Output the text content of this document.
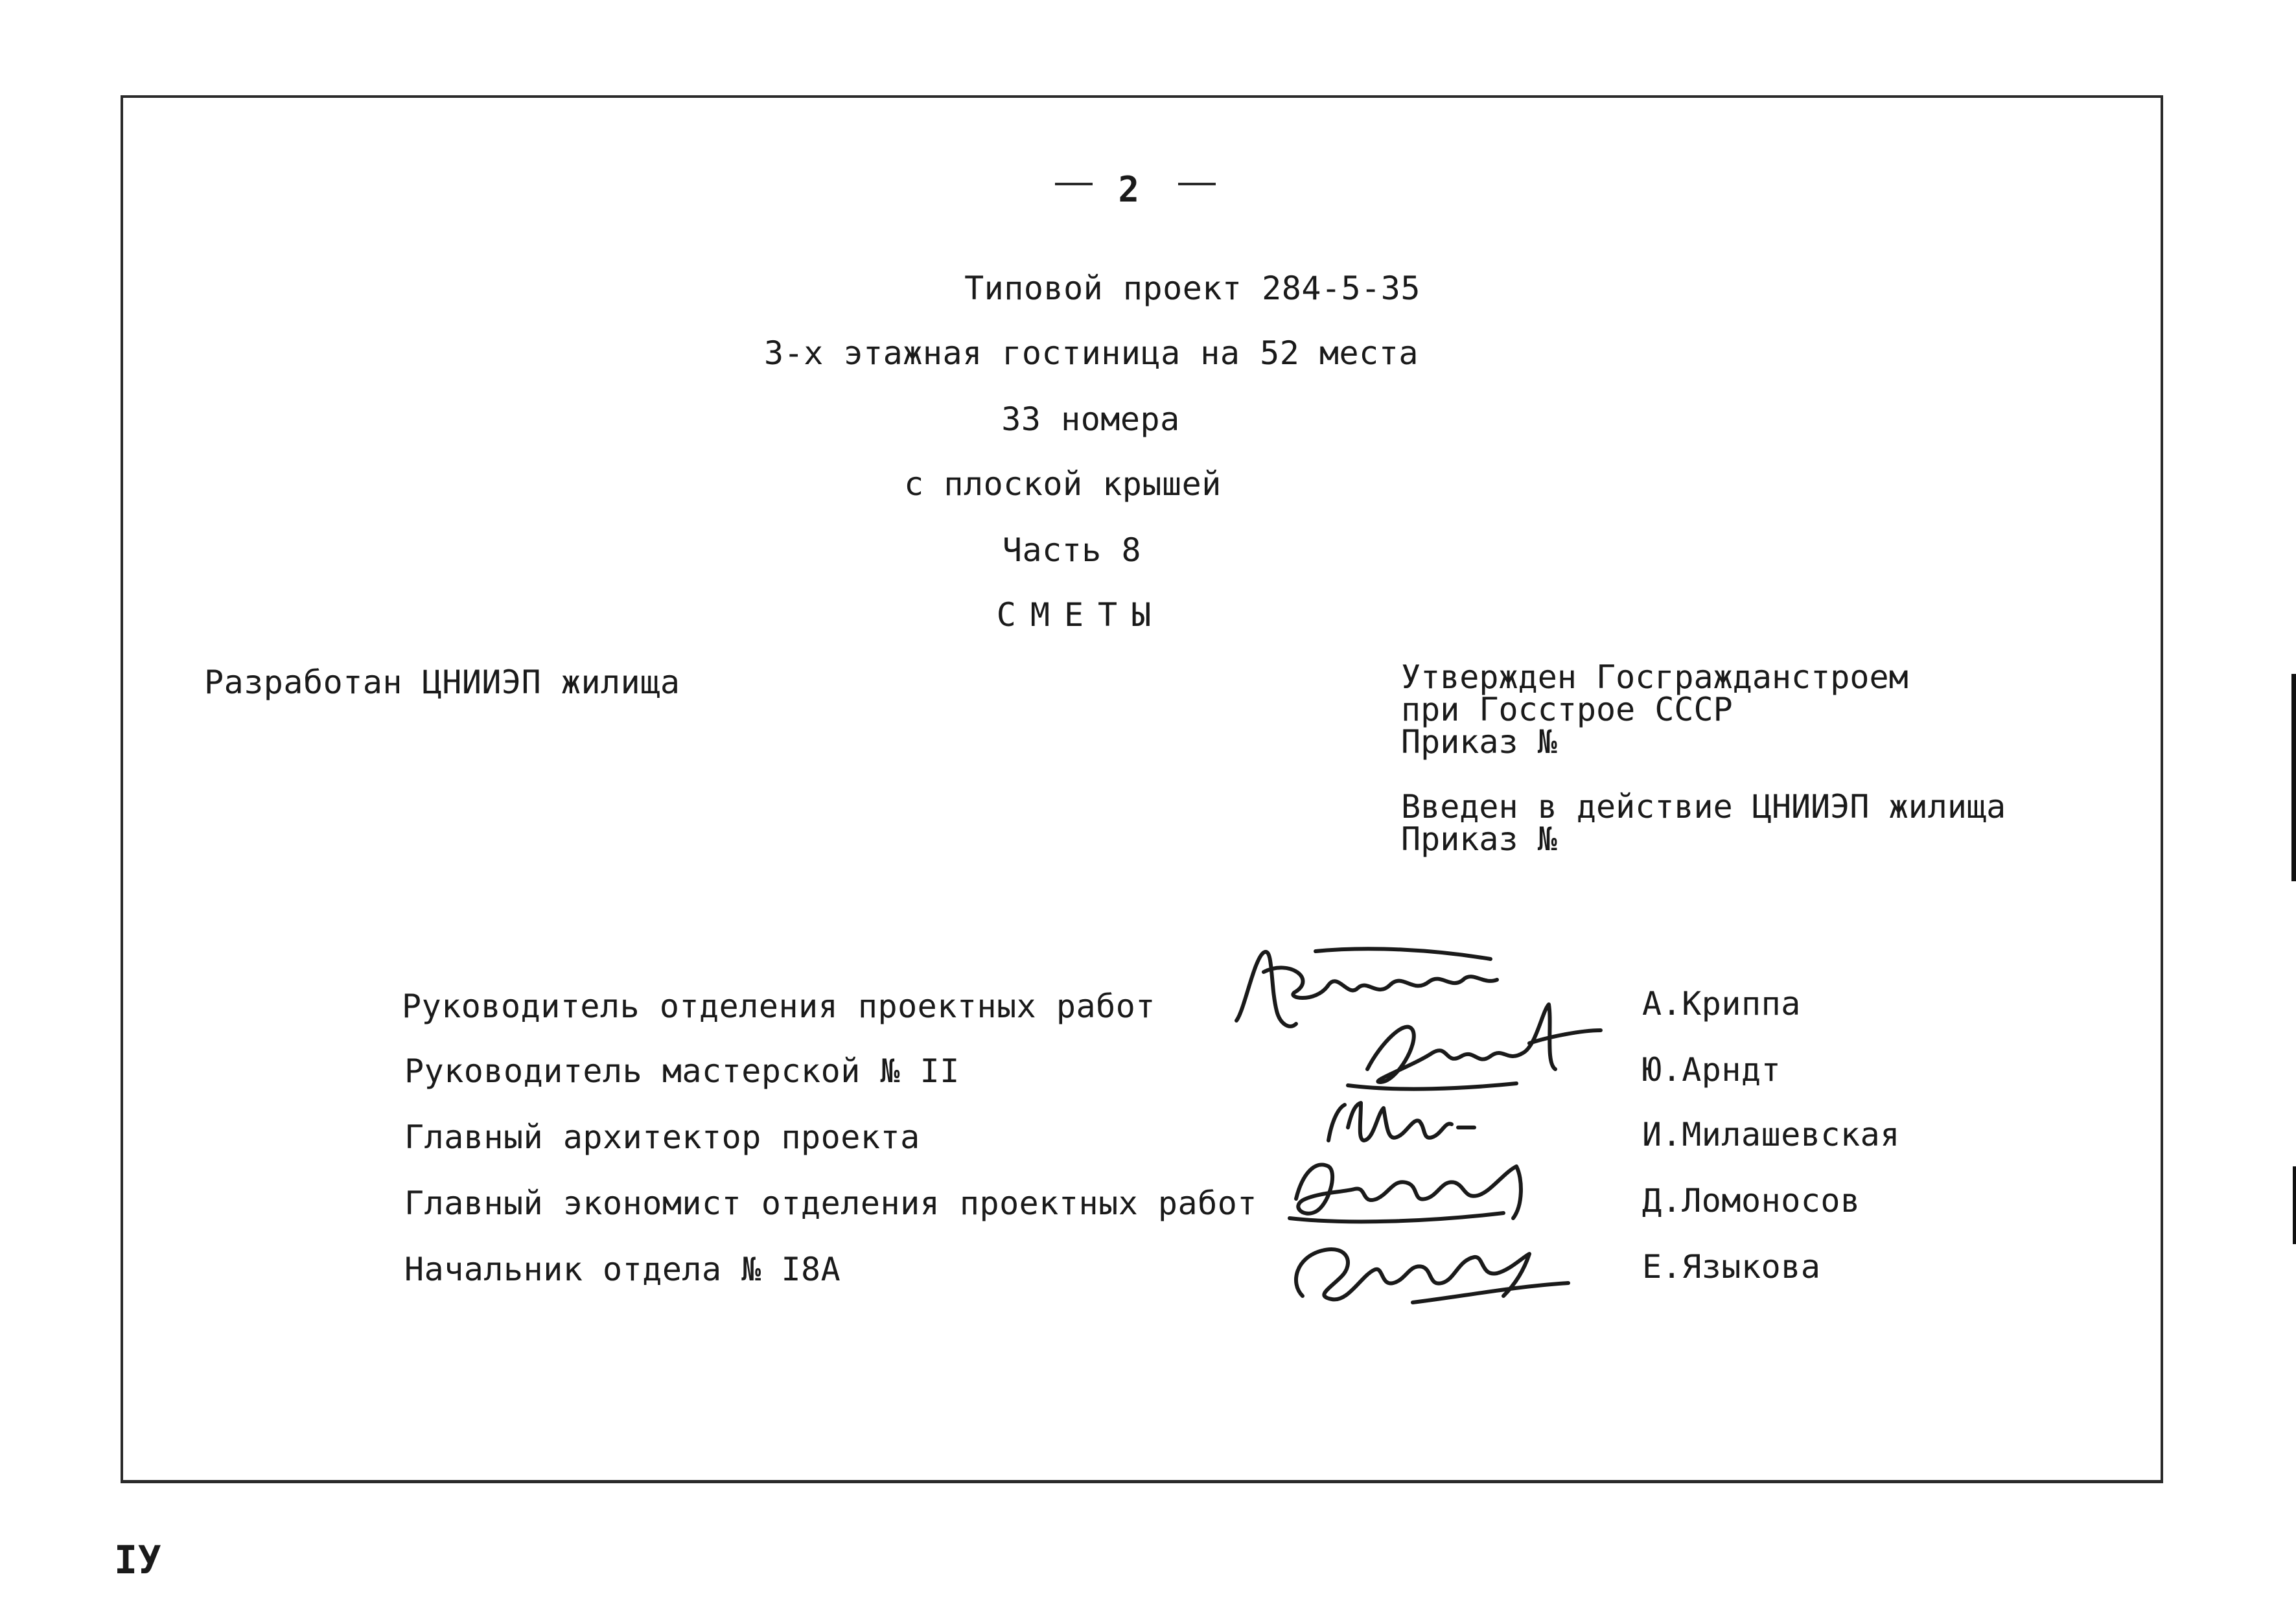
2
Типовой проект 284-5-35
3-х этажная гостиница на 52 места
33 номера
с плоской крышей
Часть 8
СМЕТЫ
Разработан ЦНИИЭП жилища	Утвержден Госгражданстроем
при Госстрое СССР
Приказ №
Введен в действие ЦНИИЭП жилища
Приказ №
Руководитель отделения проектных работ
Руководитель мастерской № II
Главный архитектор проекта
Главный экономист отделения проектных работ
Начальник отдела № I8А
А.Криппа
Ю.Арндт
И.Милашевская
Д.Ломоносов
Е.Языкова
IУ
